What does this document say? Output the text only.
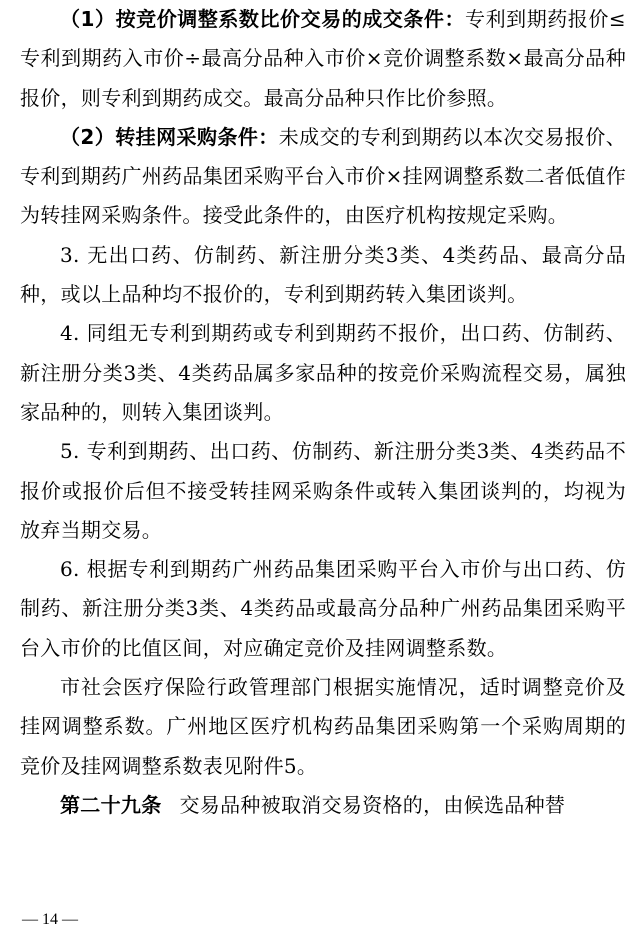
（1）按竞价调整系数比价交易的成交条件：专利到期药报价≤专利到期药入市价÷最高分品种入市价×竞价调整系数×最高分品种报价，则专利到期药成交。最高分品种只作比价参照。

（2）转挂网采购条件：未成交的专利到期药以本次交易报价、专利到期药广州药品集团采购平台入市价×挂网调整系数二者低值作为转挂网采购条件。接受此条件的，由医疗机构按规定采购。

3. 无出口药、仿制药、新注册分类3类、4类药品、最高分品种，或以上品种均不报价的，专利到期药转入集团谈判。

4. 同组无专利到期药或专利到期药不报价，出口药、仿制药、新注册分类3类、4类药品属多家品种的按竞价采购流程交易，属独家品种的，则转入集团谈判。

5. 专利到期药、出口药、仿制药、新注册分类3类、4类药品不报价或报价后但不接受转挂网采购条件或转入集团谈判的，均视为放弃当期交易。

6. 根据专利到期药广州药品集团采购平台入市价与出口药、仿制药、新注册分类3类、4类药品或最高分品种广州药品集团采购平台入市价的比值区间，对应确定竞价及挂网调整系数。

市社会医疗保险行政管理部门根据实施情况，适时调整竞价及挂网调整系数。广州地区医疗机构药品集团采购第一个采购周期的竞价及挂网调整系数表见附件5。

第二十九条 交易品种被取消交易资格的，由候选品种替

— 14 —
